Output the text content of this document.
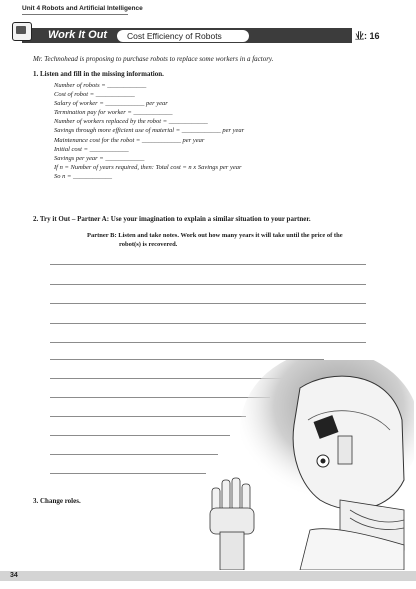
Unit 4 Robots and Artificial Intelligence
Work It Out	Cost Efficiency of Robots	业: 16
Mr. Technohead is proposing to purchase robots to replace some workers in a factory.
1. Listen and fill in the missing information.
Number of robots = ____________
Cost of robot = ____________
Salary of worker = ____________ per year
Termination pay for worker = ____________
Number of workers replaced by the robot = ____________
Savings through more efficient use of material = ____________ per year
Maintenance cost for the robot = ____________ per year
Initial cost = ____________
Savings per year = ____________
If n = Number of years required, then: Total cost = n x Savings per year
So n = ____________
2. Try it Out – Partner A: Use your imagination to explain a similar situation to your partner.
Partner B: Listen and take notes. Work out how many years it will take until the price of the
robot(s) is recovered.
3. Change roles.
34
